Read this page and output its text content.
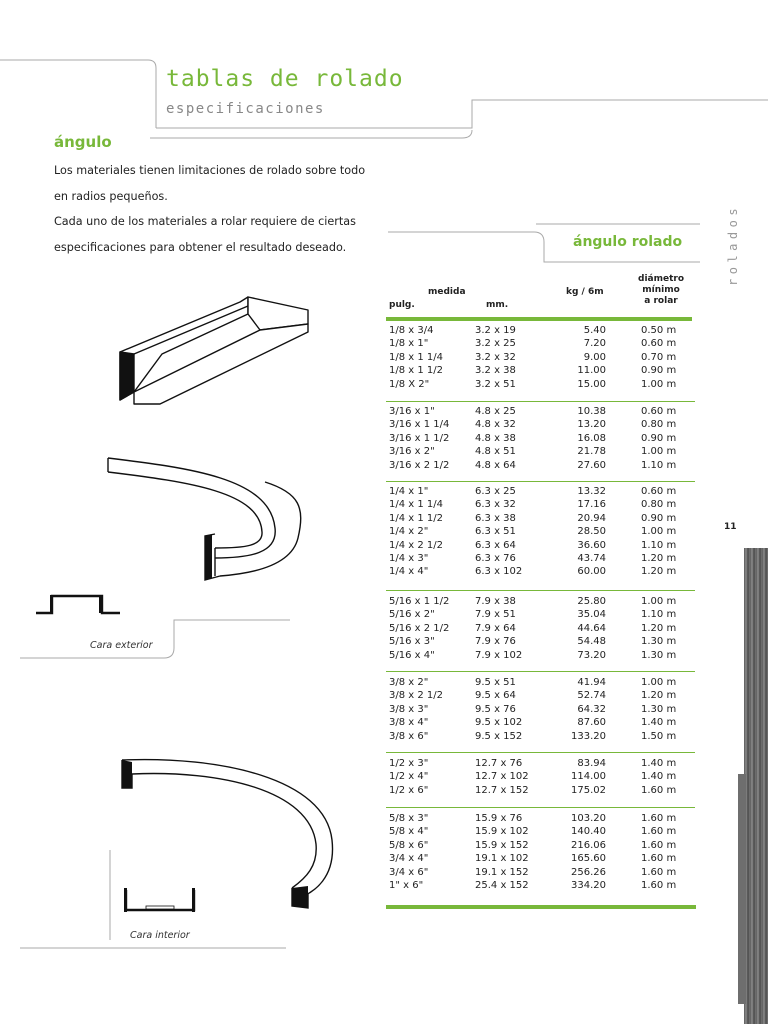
tablas de rolado
especificaciones
ángulo

Los materiales tienen limitaciones de rolado sobre todo

en radios pequeños.

Cada uno de los materiales a rolar requiere de ciertas

especificaciones para obtener el resultado deseado.	rolados
11
ángulo rolado
medida
pulg.	mm.
kg / 6m
diámetro
mínimo
a rolar
1/8 x 3/4	3.2 x 19	5.40	0.50 m
1/8 x 1"	3.2 x 25	7.20	0.60 m
1/8 x 1 1/4	3.2 x 32	9.00	0.70 m
1/8 x 1 1/2	3.2 x 38	11.00	0.90 m
1/8 X 2"	3.2 x 51	15.00	1.00 m
3/16 x 1"	4.8 x 25	10.38	0.60 m
3/16 x 1 1/4	4.8 x 32	13.20	0.80 m
3/16 x 1 1/2	4.8 x 38	16.08	0.90 m
3/16 x 2"	4.8 x 51	21.78	1.00 m
3/16 x 2 1/2	4.8 x 64	27.60	1.10 m
1/4 x 1"	6.3 x 25	13.32	0.60 m
1/4 x 1 1/4	6.3 x 32	17.16	0.80 m
1/4 x 1 1/2	6.3 x 38	20.94	0.90 m
1/4 x 2"	6.3 x 51	28.50	1.00 m
1/4 x 2 1/2	6.3 x 64	36.60	1.10 m
1/4 x 3"	6.3 x 76	43.74	1.20 m
1/4 x 4"	6.3 x 102	60.00	1.20 m
5/16 x 1 1/2	7.9 x 38	25.80	1.00 m
5/16 x 2"	7.9 x 51	35.04	1.10 m
5/16 x 2 1/2	7.9 x 64	44.64	1.20 m
5/16 x 3"	7.9 x 76	54.48	1.30 m
5/16 x 4"	7.9 x 102	73.20	1.30 m
3/8 x 2"	9.5 x 51	41.94	1.00 m
3/8 x 2 1/2	9.5 x 64	52.74	1.20 m
3/8 x 3"	9.5 x 76	64.32	1.30 m
3/8 x 4"	9.5 x 102	87.60	1.40 m
3/8 x 6"	9.5 x 152	133.20	1.50 m
1/2 x 3"	12.7 x 76	83.94	1.40 m
1/2 x 4"	12.7 x 102	114.00	1.40 m
1/2 x 6"	12.7 x 152	175.02	1.60 m
5/8 x 3"	15.9 x 76	103.20	1.60 m
5/8 x 4"	15.9 x 102	140.40	1.60 m
5/8 x 6"	15.9 x 152	216.06	1.60 m
3/4 x 4"	19.1 x 102	165.60	1.60 m
3/4 x 6"	19.1 x 152	256.26	1.60 m
1" x 6"	25.4 x 152	334.20	1.60 m
Cara exterior
Cara interior
